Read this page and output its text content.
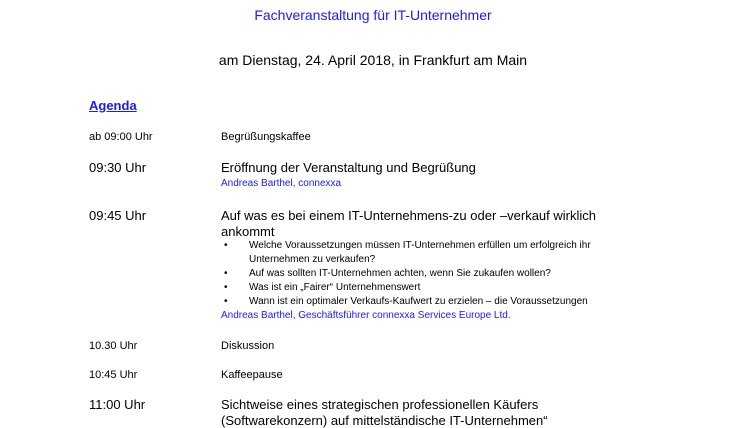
Fachveranstaltung für IT-Unternehmer
am Dienstag, 24. April 2018, in Frankfurt am Main
Agenda
ab 09:00 Uhr	Begrüßungskaffee
09:30 Uhr	Eröffnung der Veranstaltung und Begrüßung
Andreas Barthel, connexxa
09:45 Uhr	Auf was es bei einem IT-Unternehmens-zu oder –verkauf wirklich
ankommt
• Welche Voraussetzungen müssen IT-Unternehmen erfüllen um erfolgreich ihr
Unternehmen zu verkaufen?
• Auf was sollten IT-Unternehmen achten, wenn Sie zukaufen wollen?
• Was ist ein „Fairer“ Unternehmenswert
• Wann ist ein optimaler Verkaufs-Kaufwert zu erzielen – die Voraussetzungen
Andreas Barthel, Geschäftsführer connexxa Services Europe Ltd.
10.30 Uhr	Diskussion
10:45 Uhr	Kaffeepause
11:00 Uhr	Sichtweise eines strategischen professionellen Käufers
(Softwarekonzern) auf mittelständische IT-Unternehmen“
